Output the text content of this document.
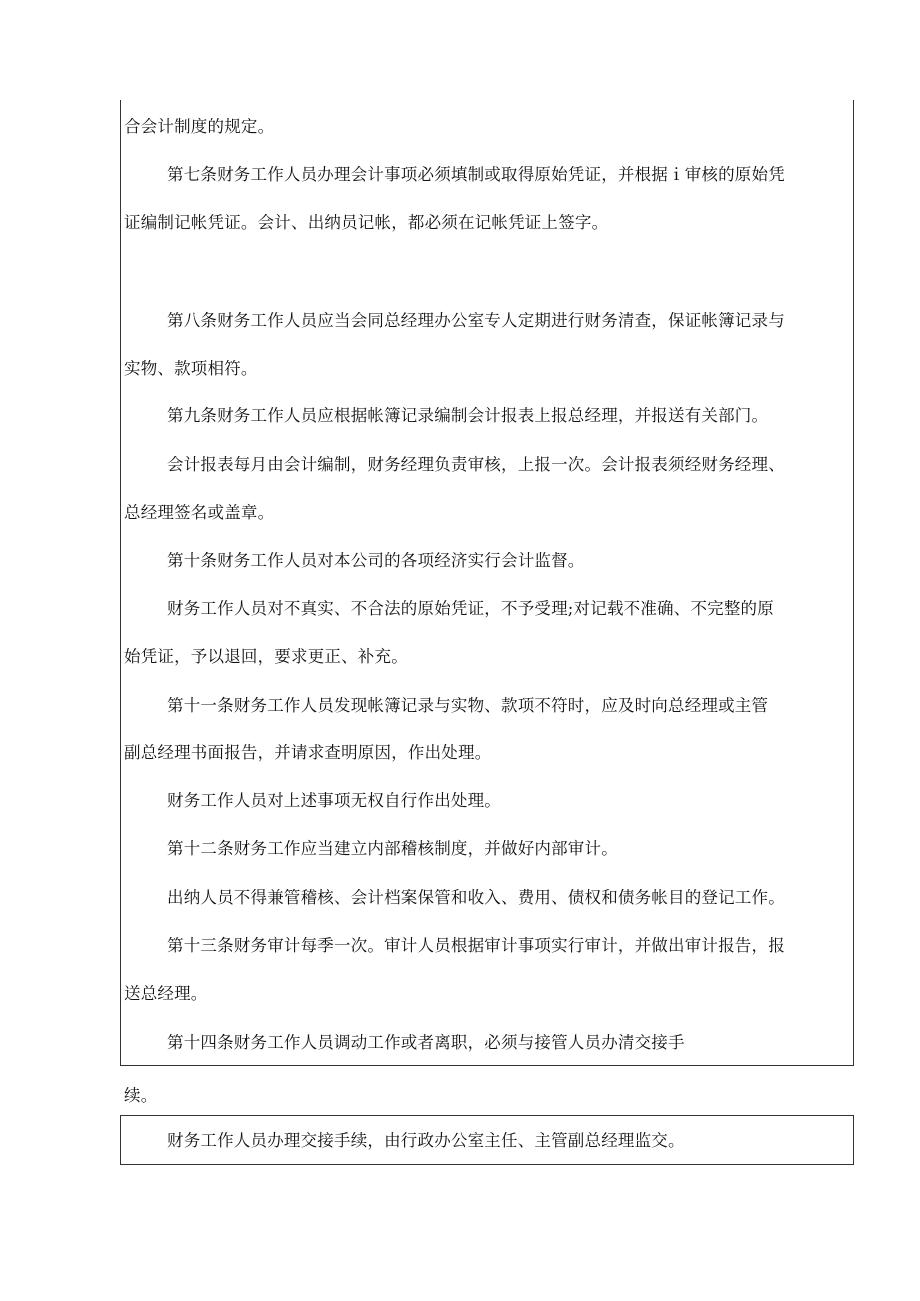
合会计制度的规定。
第七条财务工作人员办理会计事项必须填制或取得原始凭证，并根据ｉ审核的原始凭
证编制记帐凭证。会计、出纳员记帐，都必须在记帐凭证上签字。
第八条财务工作人员应当会同总经理办公室专人定期进行财务清查，保证帐簿记录与
实物、款项相符。
第九条财务工作人员应根据帐簿记录编制会计报表上报总经理，并报送有关部门。
会计报表每月由会计编制，财务经理负责审核，上报一次。会计报表须经财务经理、
总经理签名或盖章。
第十条财务工作人员对本公司的各项经济实行会计监督。
财务工作人员对不真实、不合法的原始凭证，不予受理;对记载不准确、不完整的原
始凭证，予以退回，要求更正、补充。
第十一条财务工作人员发现帐簿记录与实物、款项不符时，应及时向总经理或主管
副总经理书面报告，并请求查明原因，作出处理。
财务工作人员对上述事项无权自行作出处理。
第十二条财务工作应当建立内部稽核制度，并做好内部审计。
出纳人员不得兼管稽核、会计档案保管和收入、费用、债权和债务帐目的登记工作。
第十三条财务审计每季一次。审计人员根据审计事项实行审计，并做出审计报告，报
送总经理。
第十四条财务工作人员调动工作或者离职，必须与接管人员办清交接手
续。
财务工作人员办理交接手续，由行政办公室主任、主管副总经理监交。
